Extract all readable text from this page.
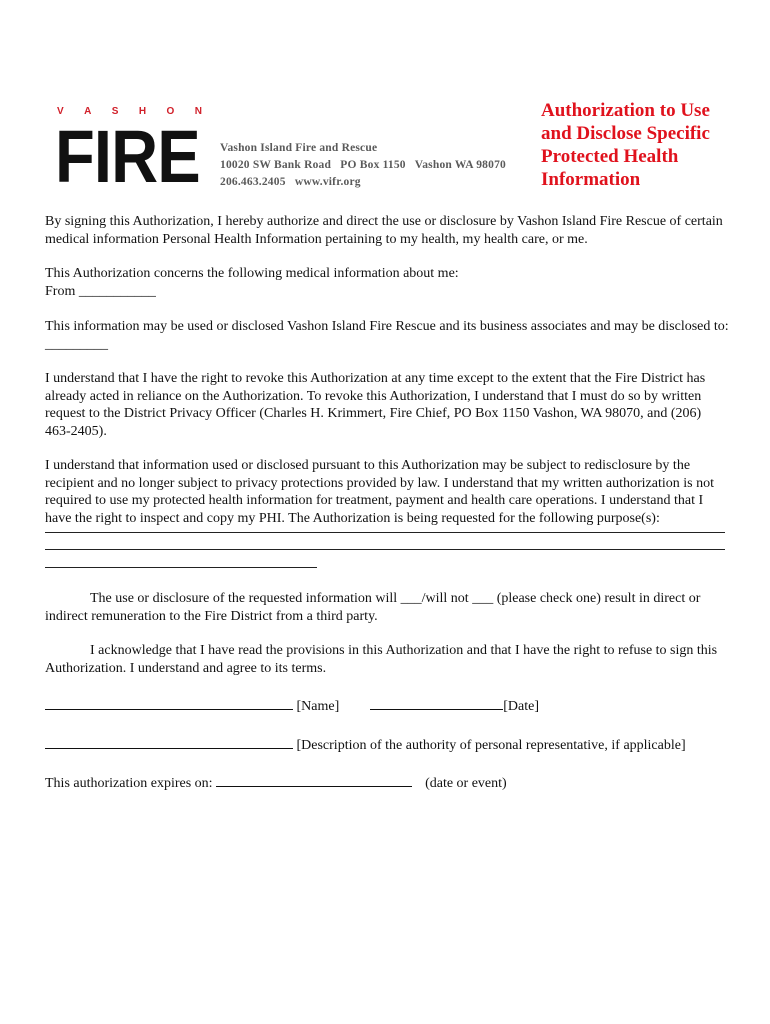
V A S H O N
FIRE Vashon Island Fire and Rescue
10020 SW Bank Road   PO Box 1150   Vashon WA 98070
206.463.2405   www.vifr.org
Authorization to Use
and Disclose Specific
Protected Health
Information

By signing this Authorization, I hereby authorize and direct the use or disclosure by Vashon Island Fire Rescue of certain medical information Personal Health Information pertaining to my health, my health care, or me.

This Authorization concerns the following medical information about me:
From ___________

This information may be used or disclosed Vashon Island Fire Rescue and its business associates and may be disclosed to: _________

I understand that I have the right to revoke this Authorization at any time except to the extent that the Fire District has already acted in reliance on the Authorization. To revoke this Authorization, I understand that I must do so by written request to the District Privacy Officer (Charles H. Krimmert, Fire Chief, PO Box 1150 Vashon, WA 98070, and (206) 463-2405).

I understand that information used or disclosed pursuant to this Authorization may be subject to redisclosure by the recipient and no longer subject to privacy protections provided by law. I understand that my written authorization is not required to use my protected health information for treatment, payment and health care operations. I understand that I have the right to inspect and copy my PHI. The Authorization is being requested for the following purpose(s):

The use or disclosure of the requested information will ___/will not ___ (please check one) result in direct or indirect remuneration to the Fire District from a third party.

I acknowledge that I have read the provisions in this Authorization and that I have the right to refuse to sign this Authorization. I understand and agree to its terms.

[Name]	[Date]
[Description of the authority of personal representative, if applicable]
This authorization expires on:	(date or event)
